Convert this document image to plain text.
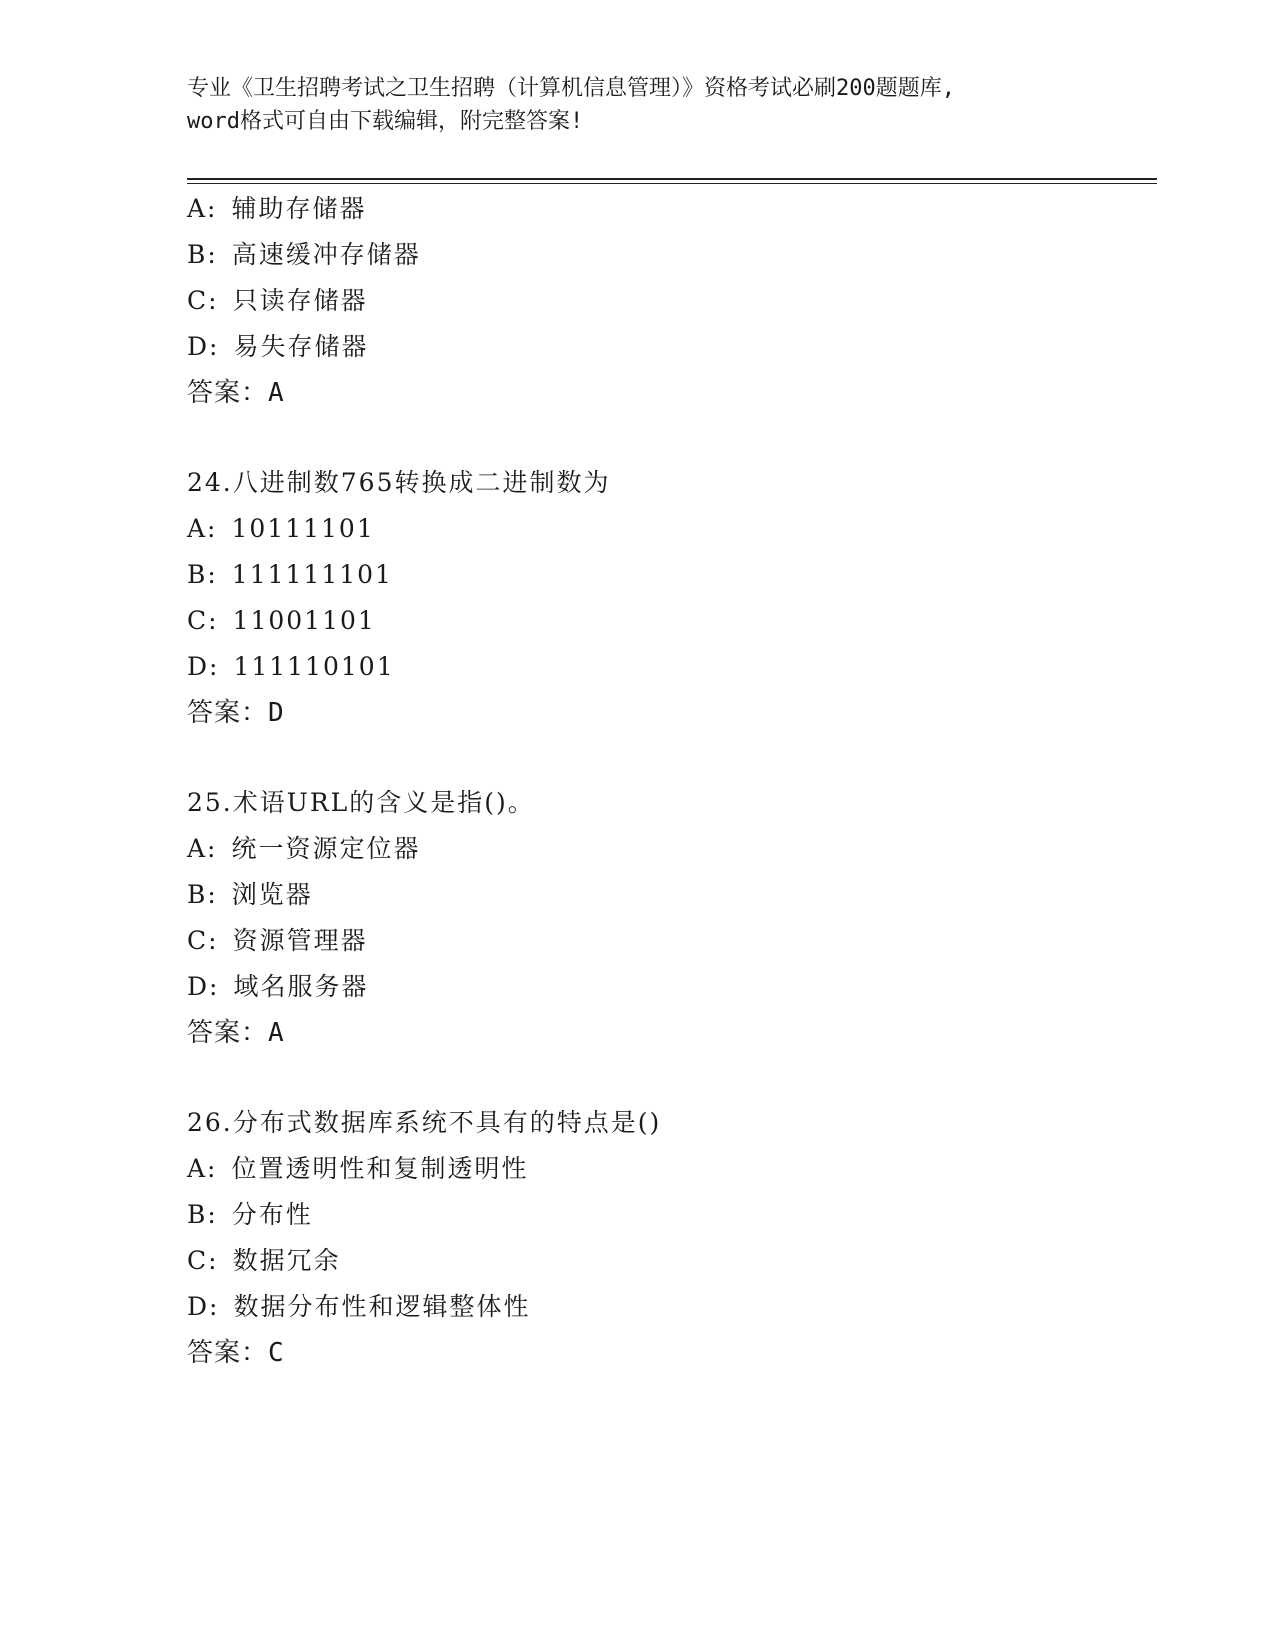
专业《卫生招聘考试之卫生招聘（计算机信息管理）》资格考试必刷200题题库,
word格式可自由下载编辑，附完整答案!
A: 辅助存储器
B: 高速缓冲存储器
C: 只读存储器
D: 易失存储器
答案：A
24.八进制数765转换成二进制数为
A: 10111101
B: 111111101
C: 11001101
D: 111110101
答案：D
25.术语URL的含义是指()。
A: 统一资源定位器
B: 浏览器
C: 资源管理器
D: 域名服务器
答案：A
26.分布式数据库系统不具有的特点是()
A: 位置透明性和复制透明性
B: 分布性
C: 数据冗余
D: 数据分布性和逻辑整体性
答案：C
